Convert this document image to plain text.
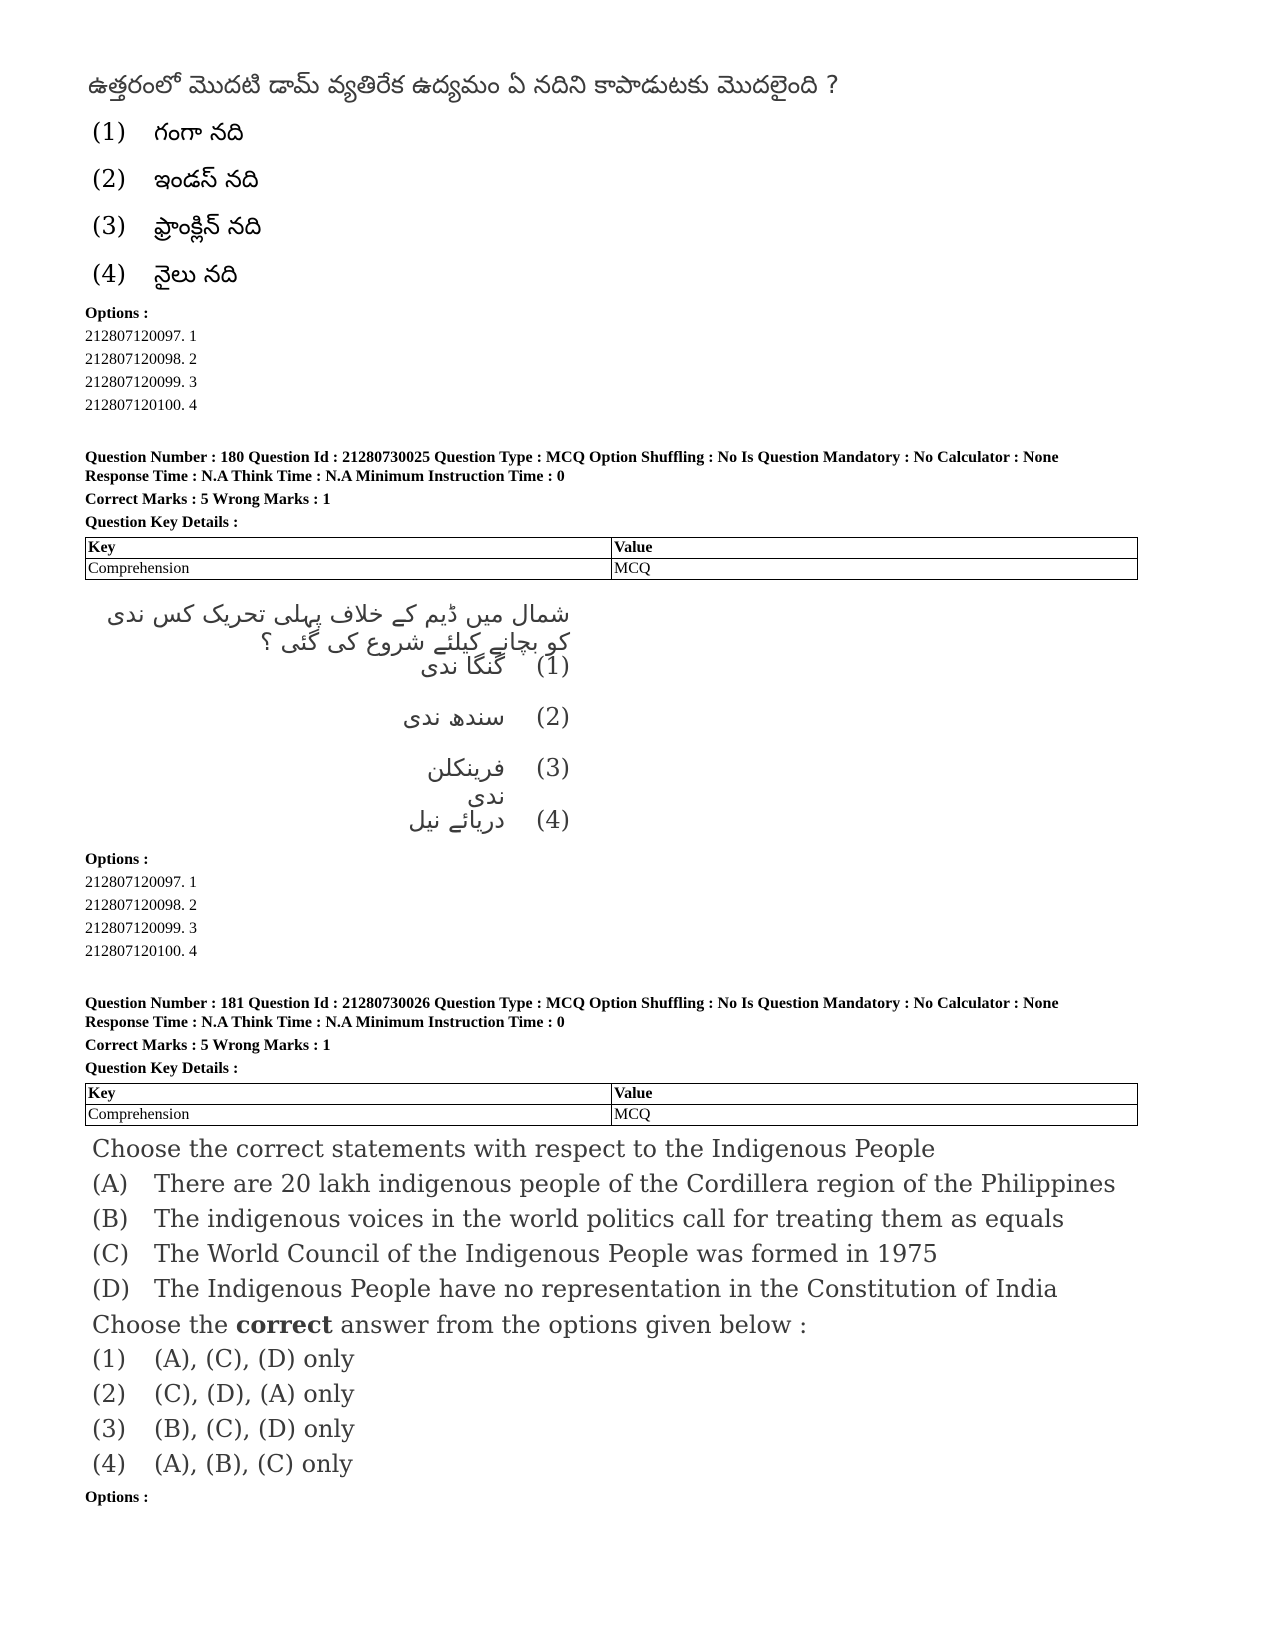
ఉత్తరంలో మొదటి డామ్ వ్యతిరేక ఉద్యమం ఏ నదిని కాపాడుటకు మొదలైంది ?
(1) గంగా నది
(2) ఇండస్ నది
(3) ఫ్రాంక్లిన్ నది
(4) నైలు నది
Options :
212807120097. 1
212807120098. 2
212807120099. 3
212807120100. 4
Question Number : 180 Question Id : 21280730025 Question Type : MCQ Option Shuffling : No Is Question Mandatory : No Calculator : None
Response Time : N.A Think Time : N.A Minimum Instruction Time : 0
Correct Marks : 5 Wrong Marks : 1
Question Key Details :
Key	Value
Comprehension	MCQ
شمال میں ڈیم کے خلاف پہلی تحریک کس ندی کو بچانے کیلئے شروع کی گئی ؟
(1)
گنگا ندی
(2)
سندھ ندی
(3)
فرینکلن ندی
(4)
دریائے نیل
Options :
212807120097. 1
212807120098. 2
212807120099. 3
212807120100. 4
Question Number : 181 Question Id : 21280730026 Question Type : MCQ Option Shuffling : No Is Question Mandatory : No Calculator : None
Response Time : N.A Think Time : N.A Minimum Instruction Time : 0
Correct Marks : 5 Wrong Marks : 1
Question Key Details :
Key	Value
Comprehension	MCQ
Choose the correct statements with respect to the Indigenous People
(A) There are 20 lakh indigenous people of the Cordillera region of the Philippines
(B) The indigenous voices in the world politics call for treating them as equals
(C) The World Council of the Indigenous People was formed in 1975
(D) The Indigenous People have no representation in the Constitution of India
Choose the correct answer from the options given below :
(1) (A), (C), (D) only
(2) (C), (D), (A) only
(3) (B), (C), (D) only
(4) (A), (B), (C) only
Options :
